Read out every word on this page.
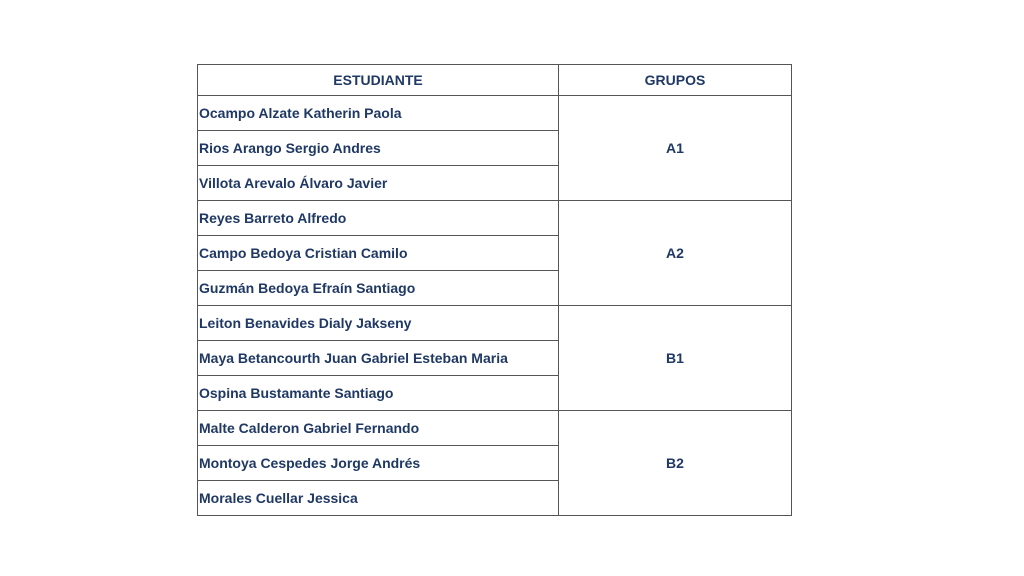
ESTUDIANTE	GRUPOS
Ocampo Alzate Katherin Paola	A1
Rios Arango Sergio Andres	
Villota Arevalo Álvaro Javier	
Reyes Barreto Alfredo	A2
Campo Bedoya Cristian Camilo	
Guzmán Bedoya Efraín Santiago	
Leiton Benavides Dialy Jakseny	B1
Maya Betancourth Juan Gabriel Esteban Maria	
Ospina Bustamante Santiago	
Malte Calderon Gabriel Fernando	B2
Montoya Cespedes Jorge Andrés	
Morales Cuellar Jessica	
